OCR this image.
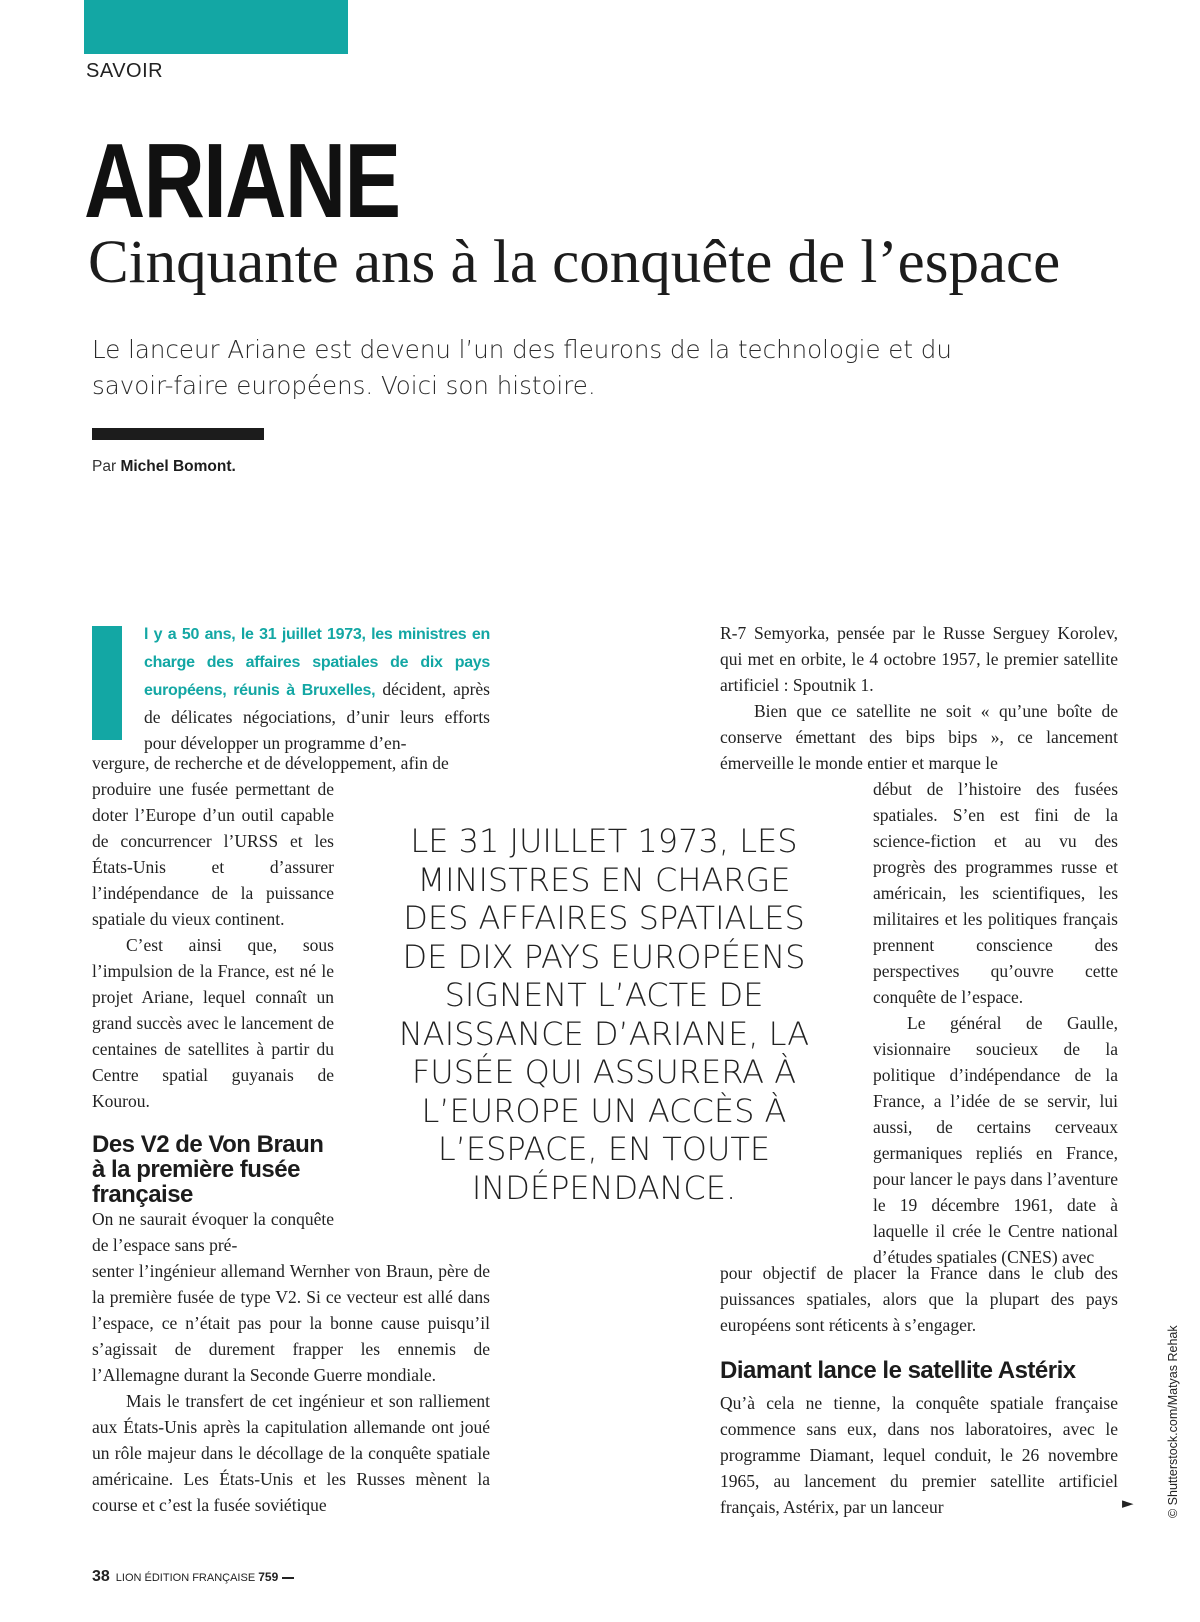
SAVOIR
ARIANE
Cinquante ans à la conquête de l’espace
Le lanceur Ariane est devenu l’un des fleurons de la technologie et du savoir-faire européens. Voici son histoire.
Par Michel Bomont.

l y a 50 ans, le 31 juillet 1973, les ministres en charge des affaires spatiales de dix pays européens, réunis à Bruxelles, décident, après de délicates négociations, d’unir leurs efforts pour développer un programme d’en-

vergure, de recherche et de développement, afin de

produire une fusée permettant de doter l’Europe d’un outil capable de concurrencer l’URSS et les États-Unis et d’assurer l’indépendance de la puissance spatiale du vieux continent.

C’est ainsi que, sous l’impulsion de la France, est né le projet Ariane, lequel connaît un grand succès avec le lancement de centaines de satellites à partir du Centre spatial guyanais de Kourou.

Des V2 de Von Braun à la première fusée française

On ne saurait évoquer la conquête de l’espace sans pré-

senter l’ingénieur allemand Wernher von Braun, père de la première fusée de type V2. Si ce vecteur est allé dans l’espace, ce n’était pas pour la bonne cause puisqu’il s’agissait de durement frapper les ennemis de l’Allemagne durant la Seconde Guerre mondiale.

Mais le transfert de cet ingénieur et son ralliement aux États-Unis après la capitulation allemande ont joué un rôle majeur dans le décollage de la conquête spatiale américaine. Les États-Unis et les Russes mènent la course et c’est la fusée soviétique

LE 31 JUILLET 1973, LES MINISTRES EN CHARGE DES AFFAIRES SPATIALES DE DIX PAYS EUROPÉENS SIGNENT L’ACTE DE NAISSANCE D’ARIANE, LA FUSÉE QUI ASSURERA À L’EUROPE UN ACCÈS À L’ESPACE, EN TOUTE INDÉPENDANCE.

R-7 Semyorka, pensée par le Russe Serguey Korolev, qui met en orbite, le 4 octobre 1957, le premier satellite artificiel : Spoutnik 1.

Bien que ce satellite ne soit « qu’une boîte de conserve émettant des bips bips », ce lancement émerveille le monde entier et marque le

début de l’histoire des fusées spatiales. S’en est fini de la science-fiction et au vu des progrès des programmes russe et américain, les scientifiques, les militaires et les politiques français prennent conscience des perspectives qu’ouvre cette conquête de l’espace.

Le général de Gaulle, visionnaire soucieux de la politique d’indépendance de la France, a l’idée de se servir, lui aussi, de certains cerveaux germaniques repliés en France, pour lancer le pays dans l’aventure le 19 décembre 1961, date à laquelle il crée le Centre national d’études spatiales (CNES) avec

pour objectif de placer la France dans le club des puissances spatiales, alors que la plupart des pays européens sont réticents à s’engager.

Diamant lance le satellite Astérix

Qu’à cela ne tienne, la conquête spatiale française commence sans eux, dans nos laboratoires, avec le programme Diamant, lequel conduit, le 26 novembre 1965, au lancement du premier satellite artificiel français, Astérix, par un lanceur	►	© Shutterstock.com/Matyas Rehak
38 LION ÉDITION FRANÇAISE 759
